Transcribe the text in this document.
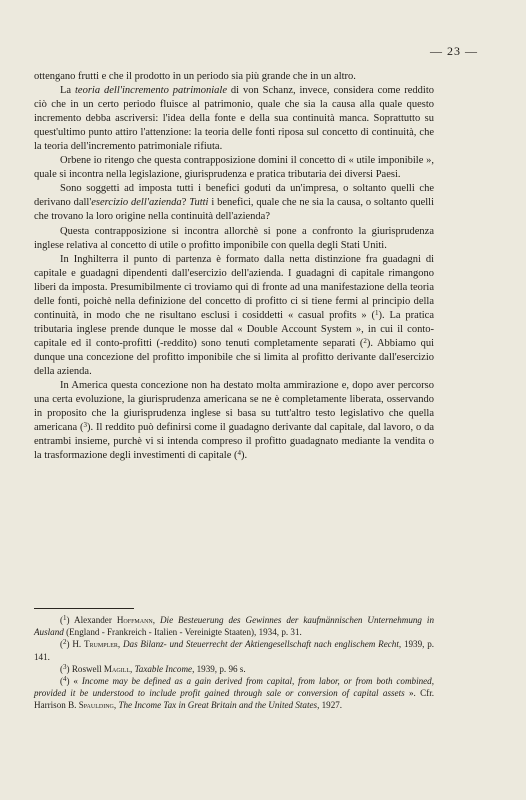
— 23 —

ottengano frutti e che il prodotto in un periodo sia più grande che in un altro.

La teoria dell'incremento patrimoniale di von Schanz, invece, considera come reddito ciò che in un certo periodo fluisce al patrimonio, quale che sia la causa alla quale questo incremento debba ascriversi: l'idea della fonte e della sua continuità manca. Soprattutto su quest'ultimo punto attiro l'attenzione: la teoria delle fonti riposa sul concetto di continuità, che la teoria dell'incremento patrimoniale rifiuta.

Orbene io ritengo che questa contrapposizione domini il concetto di « utile imponibile », quale si incontra nella legislazione, giurisprudenza e pratica tributaria dei diversi Paesi.

Sono soggetti ad imposta tutti i benefici goduti da un'impresa, o soltanto quelli che derivano dall'esercizio dell'azienda? Tutti i benefici, quale che ne sia la causa, o soltanto quelli che trovano la loro origine nella continuità dell'azienda?

Questa contrapposizione si incontra allorchè si pone a confronto la giurisprudenza inglese relativa al concetto di utile o profitto imponibile con quella degli Stati Uniti.

In Inghilterra il punto di partenza è formato dalla netta distinzione fra guadagni di capitale e guadagni dipendenti dall'esercizio dell'azienda. I guadagni di capitale rimangono liberi da imposta. Presumibilmente ci troviamo qui di fronte ad una manifestazione della teoria delle fonti, poichè nella definizione del concetto di profitto ci si tiene fermi al principio della continuità, in modo che ne risultano esclusi i cosiddetti « casual profits » ($^1$). La pratica tributaria inglese prende dunque le mosse dal « Double Account System », in cui il conto-capitale ed il conto-profitti (-reddito) sono tenuti completamente separati ($^2$). Abbiamo qui dunque una concezione del profitto imponibile che si limita al profitto derivante dall'esercizio della azienda.

In America questa concezione non ha destato molta ammirazione e, dopo aver percorso una certa evoluzione, la giurisprudenza americana se ne è completamente liberata, osservando in proposito che la giurisprudenza inglese si basa su tutt'altro testo legislativo che quella americana ($^3$). Il reddito può definirsi come il guadagno derivante dal capitale, dal lavoro, o da entrambi insieme, purchè vi si intenda compreso il profitto guadagnato mediante la vendita o la trasformazione degli investimenti di capitale ($^4$).

($^1$) Alexander Hoffmann, Die Besteuerung des Gewinnes der kaufmännischen Unternehmung in Ausland (England - Frankreich - Italien - Vereinigte Staaten), 1934, p. 31.

($^2$) H. Trumpler, Das Bilanz- und Steuerrecht der Aktiengesellschaft nach englischem Recht, 1939, p. 141.

($^3$) Roswell Magill, Taxable Income, 1939, p. 96 s.

($^4$) « Income may be defined as a gain derived from capital, from labor, or from both combined, provided it be understood to include profit gained through sale or conversion of capital assets ». Cfr. Harrison B. Spaulding, The Income Tax in Great Britain and the United States, 1927.
